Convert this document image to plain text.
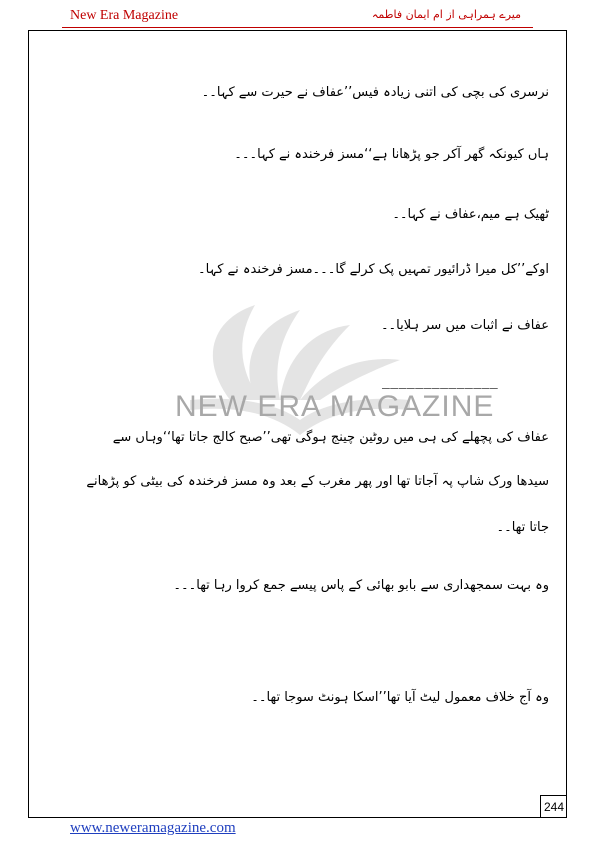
New Era Magazine	میرے ہمراہی از ام ایمان فاطمہ
NEW ERA MAGAZINE
نرسری کی بچی کی اتنی زیادہ فیس’’عفاف نے حیرت سے کہا۔۔
ہاں کیونکہ گھر آکر جو پڑھانا ہے‘‘مسز فرخندہ نے کہا۔۔۔
ٹھیک ہے میم،عفاف نے کہا۔۔
اوکے’’کل میرا ڈرائیور تمہیں پک کرلے گا۔۔۔مسز فرخندہ نے کہا۔
عفاف نے اثبات میں سر ہلایا۔۔
______________
عفاف کی پچھلے کی ہی میں روٹین چینج ہوگی تھی’’صبح کالج جاتا تھا‘‘وہاں سے
سیدھا ورک شاپ پہ آجاتا تھا اور پھر مغرب کے بعد وہ مسز فرخندہ کی بیٹی کو پڑھانے
جاتا تھا۔۔
وہ بہت سمجھداری سے بابو بھائی کے پاس پیسے جمع کروا رہا تھا۔۔۔
وہ آج خلاف معمول لیٹ آیا تھا’’اسکا ہونٹ سوجا تھا۔۔
244
www.neweramagazine.com
